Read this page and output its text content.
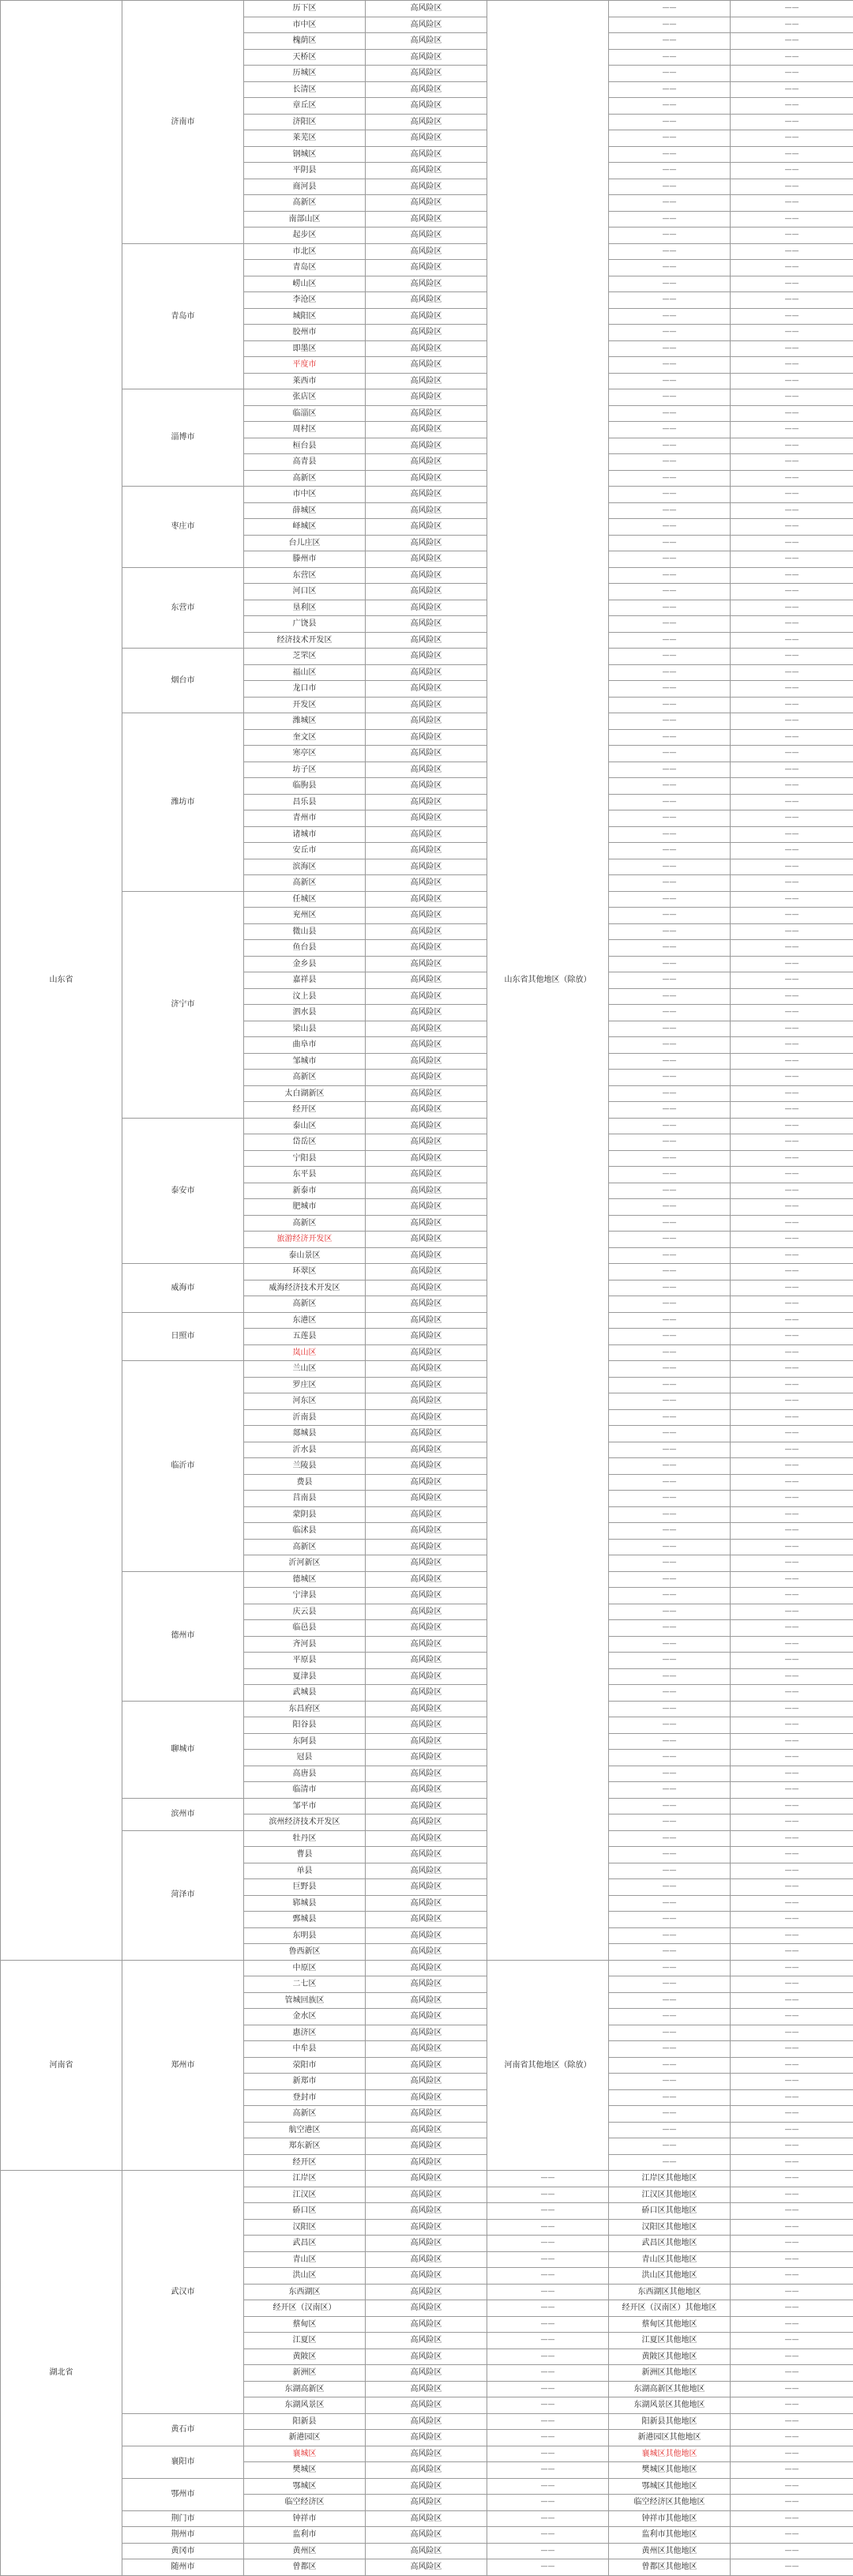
山东省	济南市	历下区	高风险区	山东省其他地区（除放）	——	——
		市中区	高风险区		——	——
		槐荫区	高风险区		——	——
		天桥区	高风险区		——	——
		历城区	高风险区		——	——
		长清区	高风险区		——	——
		章丘区	高风险区		——	——
		济阳区	高风险区		——	——
		莱芜区	高风险区		——	——
		钢城区	高风险区		——	——
		平阴县	高风险区		——	——
		商河县	高风险区		——	——
		高新区	高风险区		——	——
		南部山区	高风险区		——	——
		起步区	高风险区		——	——
	青岛市	市北区	高风险区		——	——
		青岛区	高风险区		——	——
		崂山区	高风险区		——	——
		李沧区	高风险区		——	——
		城阳区	高风险区		——	——
		胶州市	高风险区		——	——
		即墨区	高风险区		——	——
		平度市	高风险区		——	——
		莱西市	高风险区		——	——
	淄博市	张店区	高风险区		——	——
		临淄区	高风险区		——	——
		周村区	高风险区		——	——
		桓台县	高风险区		——	——
		高青县	高风险区		——	——
		高新区	高风险区		——	——
	枣庄市	市中区	高风险区		——	——
		薛城区	高风险区		——	——
		峄城区	高风险区		——	——
		台儿庄区	高风险区		——	——
		滕州市	高风险区		——	——
	东营市	东营区	高风险区		——	——
		河口区	高风险区		——	——
		垦利区	高风险区		——	——
		广饶县	高风险区		——	——
		经济技术开发区	高风险区		——	——
	烟台市	芝罘区	高风险区		——	——
		福山区	高风险区		——	——
		龙口市	高风险区		——	——
		开发区	高风险区		——	——
	潍坊市	潍城区	高风险区		——	——
		奎文区	高风险区		——	——
		寒亭区	高风险区		——	——
		坊子区	高风险区		——	——
		临朐县	高风险区		——	——
		昌乐县	高风险区		——	——
		青州市	高风险区		——	——
		诸城市	高风险区		——	——
		安丘市	高风险区		——	——
		滨海区	高风险区		——	——
		高新区	高风险区		——	——
	济宁市	任城区	高风险区		——	——
		兖州区	高风险区		——	——
		微山县	高风险区		——	——
		鱼台县	高风险区		——	——
		金乡县	高风险区		——	——
		嘉祥县	高风险区		——	——
		汶上县	高风险区		——	——
		泗水县	高风险区		——	——
		梁山县	高风险区		——	——
		曲阜市	高风险区		——	——
		邹城市	高风险区		——	——
		高新区	高风险区		——	——
		太白湖新区	高风险区		——	——
		经开区	高风险区		——	——
	泰安市	泰山区	高风险区		——	——
		岱岳区	高风险区		——	——
		宁阳县	高风险区		——	——
		东平县	高风险区		——	——
		新泰市	高风险区		——	——
		肥城市	高风险区		——	——
		高新区	高风险区		——	——
		旅游经济开发区	高风险区		——	——
		泰山景区	高风险区		——	——
	威海市	环翠区	高风险区		——	——
		威海经济技术开发区	高风险区		——	——
		高新区	高风险区		——	——
	日照市	东港区	高风险区		——	——
		五莲县	高风险区		——	——
		岚山区	高风险区		——	——
	临沂市	兰山区	高风险区		——	——
		罗庄区	高风险区		——	——
		河东区	高风险区		——	——
		沂南县	高风险区		——	——
		郯城县	高风险区		——	——
		沂水县	高风险区		——	——
		兰陵县	高风险区		——	——
		费县	高风险区		——	——
		莒南县	高风险区		——	——
		蒙阴县	高风险区		——	——
		临沭县	高风险区		——	——
		高新区	高风险区		——	——
		沂河新区	高风险区		——	——
	德州市	德城区	高风险区		——	——
		宁津县	高风险区		——	——
		庆云县	高风险区		——	——
		临邑县	高风险区		——	——
		齐河县	高风险区		——	——
		平原县	高风险区		——	——
		夏津县	高风险区		——	——
		武城县	高风险区		——	——
	聊城市	东昌府区	高风险区		——	——
		阳谷县	高风险区		——	——
		东阿县	高风险区		——	——
		冠县	高风险区		——	——
		高唐县	高风险区		——	——
		临清市	高风险区		——	——
	滨州市	邹平市	高风险区		——	——
		滨州经济技术开发区	高风险区		——	——
	菏泽市	牡丹区	高风险区		——	——
		曹县	高风险区		——	——
		单县	高风险区		——	——
		巨野县	高风险区		——	——
		郓城县	高风险区		——	——
		鄄城县	高风险区		——	——
		东明县	高风险区		——	——
		鲁西新区	高风险区		——	——
河南省	郑州市	中原区	高风险区	河南省其他地区（除放）	——	——
		二七区	高风险区		——	——
		管城回族区	高风险区		——	——
		金水区	高风险区		——	——
		惠济区	高风险区		——	——
		中牟县	高风险区		——	——
		荥阳市	高风险区		——	——
		新郑市	高风险区		——	——
		登封市	高风险区		——	——
		高新区	高风险区		——	——
		航空港区	高风险区		——	——
		郑东新区	高风险区		——	——
		经开区	高风险区		——	——
湖北省	武汉市	江岸区	高风险区	——	江岸区其他地区	——
		江汉区	高风险区	——	江汉区其他地区	——
		硚口区	高风险区	——	硚口区其他地区	——
		汉阳区	高风险区	——	汉阳区其他地区	——
		武昌区	高风险区	——	武昌区其他地区	——
		青山区	高风险区	——	青山区其他地区	——
		洪山区	高风险区	——	洪山区其他地区	——
		东西湖区	高风险区	——	东西湖区其他地区	——
		经开区（汉南区）	高风险区	——	经开区（汉南区）其他地区	——
		蔡甸区	高风险区	——	蔡甸区其他地区	——
		江夏区	高风险区	——	江夏区其他地区	——
		黄陂区	高风险区	——	黄陂区其他地区	——
		新洲区	高风险区	——	新洲区其他地区	——
		东湖高新区	高风险区	——	东湖高新区其他地区	——
		东湖风景区	高风险区	——	东湖风景区其他地区	——
	黄石市	阳新县	高风险区	——	阳新县其他地区	——
		新港园区	高风险区	——	新港园区其他地区	——
	襄阳市	襄城区	高风险区	——	襄城区其他地区	——
		樊城区	高风险区	——	樊城区其他地区	——
	鄂州市	鄂城区	高风险区	——	鄂城区其他地区	——
		临空经济区	高风险区	——	临空经济区其他地区	——
	荆门市	钟祥市	高风险区	——	钟祥市其他地区	——
	荆州市	监利市	高风险区	——	监利市其他地区	——
	黄冈市	黄州区	高风险区	——	黄州区其他地区	——
	随州市	曾都区	高风险区	——	曾都区其他地区	——
